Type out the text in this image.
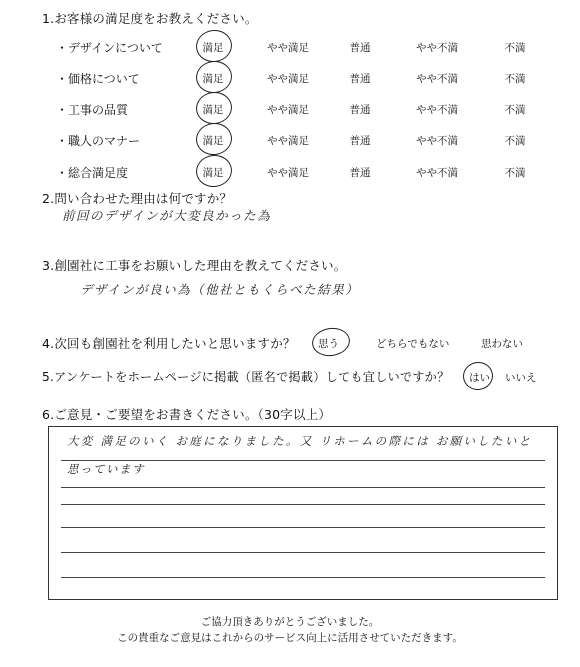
1.お客様の満足度をお教えください。
・デザインについて	満足	やや満足	普通	やや不満	不満
・価格について	満足	やや満足	普通	やや不満	不満
・工事の品質	満足	やや満足	普通	やや不満	不満
・職人のマナー	満足	やや満足	普通	やや不満	不満
・総合満足度	満足	やや満足	普通	やや不満	不満
2.問い合わせた理由は何ですか？
前回のデザインが大変良かった為
3.創園社に工事をお願いした理由を教えてください。
デザインが良い為（他社ともくらべた結果）
4.次回も創園社を利用したいと思いますか？ 思う	どちらでもない	思わない
5.アンケートをホームページに掲載（匿名で掲載）しても宜しいですか？ はい いいえ
6.ご意見・ご要望をお書きください。（30字以上）
大変 満足のいく お庭になりました。又 リホームの際には お願いしたいと
思っています
ご協力頂きありがとうございました。
この貴重なご意見はこれからのサービス向上に活用させていただきます。
